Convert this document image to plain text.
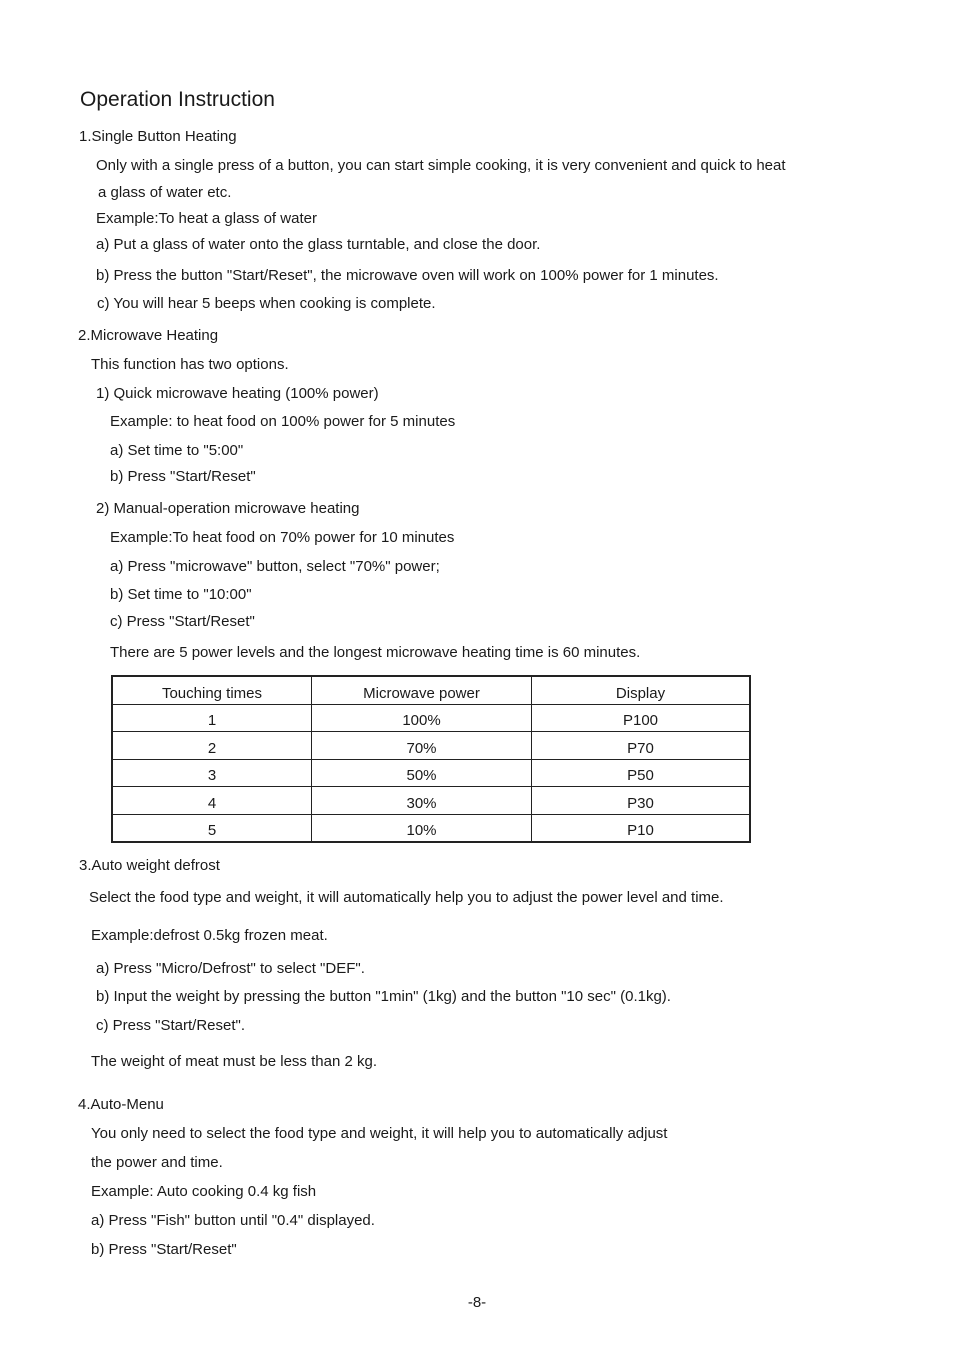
Operation Instruction
1.Single Button Heating
Only with a single press of a button, you can start simple cooking, it is very convenient and quick to heat
a glass of water etc.
Example:To heat a glass of water
a) Put a glass of water onto the glass turntable, and close the door.
b) Press the button "Start/Reset", the microwave oven will work on 100% power for 1 minutes.
c) You will hear 5 beeps when cooking is complete.
2.Microwave Heating
This function has two options.
1) Quick microwave heating (100% power)
Example: to heat food on 100% power for 5 minutes
a) Set time to "5:00"
b) Press "Start/Reset"
2) Manual-operation microwave heating
Example:To heat food on 70% power for 10 minutes
a) Press "microwave" button, select "70%" power;
b) Set time to "10:00"
c) Press "Start/Reset"
There are 5 power levels and the longest microwave heating time is 60 minutes.
Touching times	Microwave power	Display
1	100%	P100
2	70%	P70
3	50%	P50
4	30%	P30
5	10%	P10
3.Auto weight defrost
Select the food type and weight, it will automatically help you to adjust the power level and time.
Example:defrost 0.5kg frozen meat.
a) Press "Micro/Defrost" to select "DEF".
b) Input the weight by pressing the button "1min" (1kg) and the button "10 sec" (0.1kg).
c) Press "Start/Reset".
The weight of meat must be less than 2 kg.
4.Auto-Menu
You only need to select the food type and weight, it will help you to automatically adjust
the power and time.
Example: Auto cooking 0.4 kg fish
a) Press "Fish" button until "0.4" displayed.
b) Press "Start/Reset"
-8-
